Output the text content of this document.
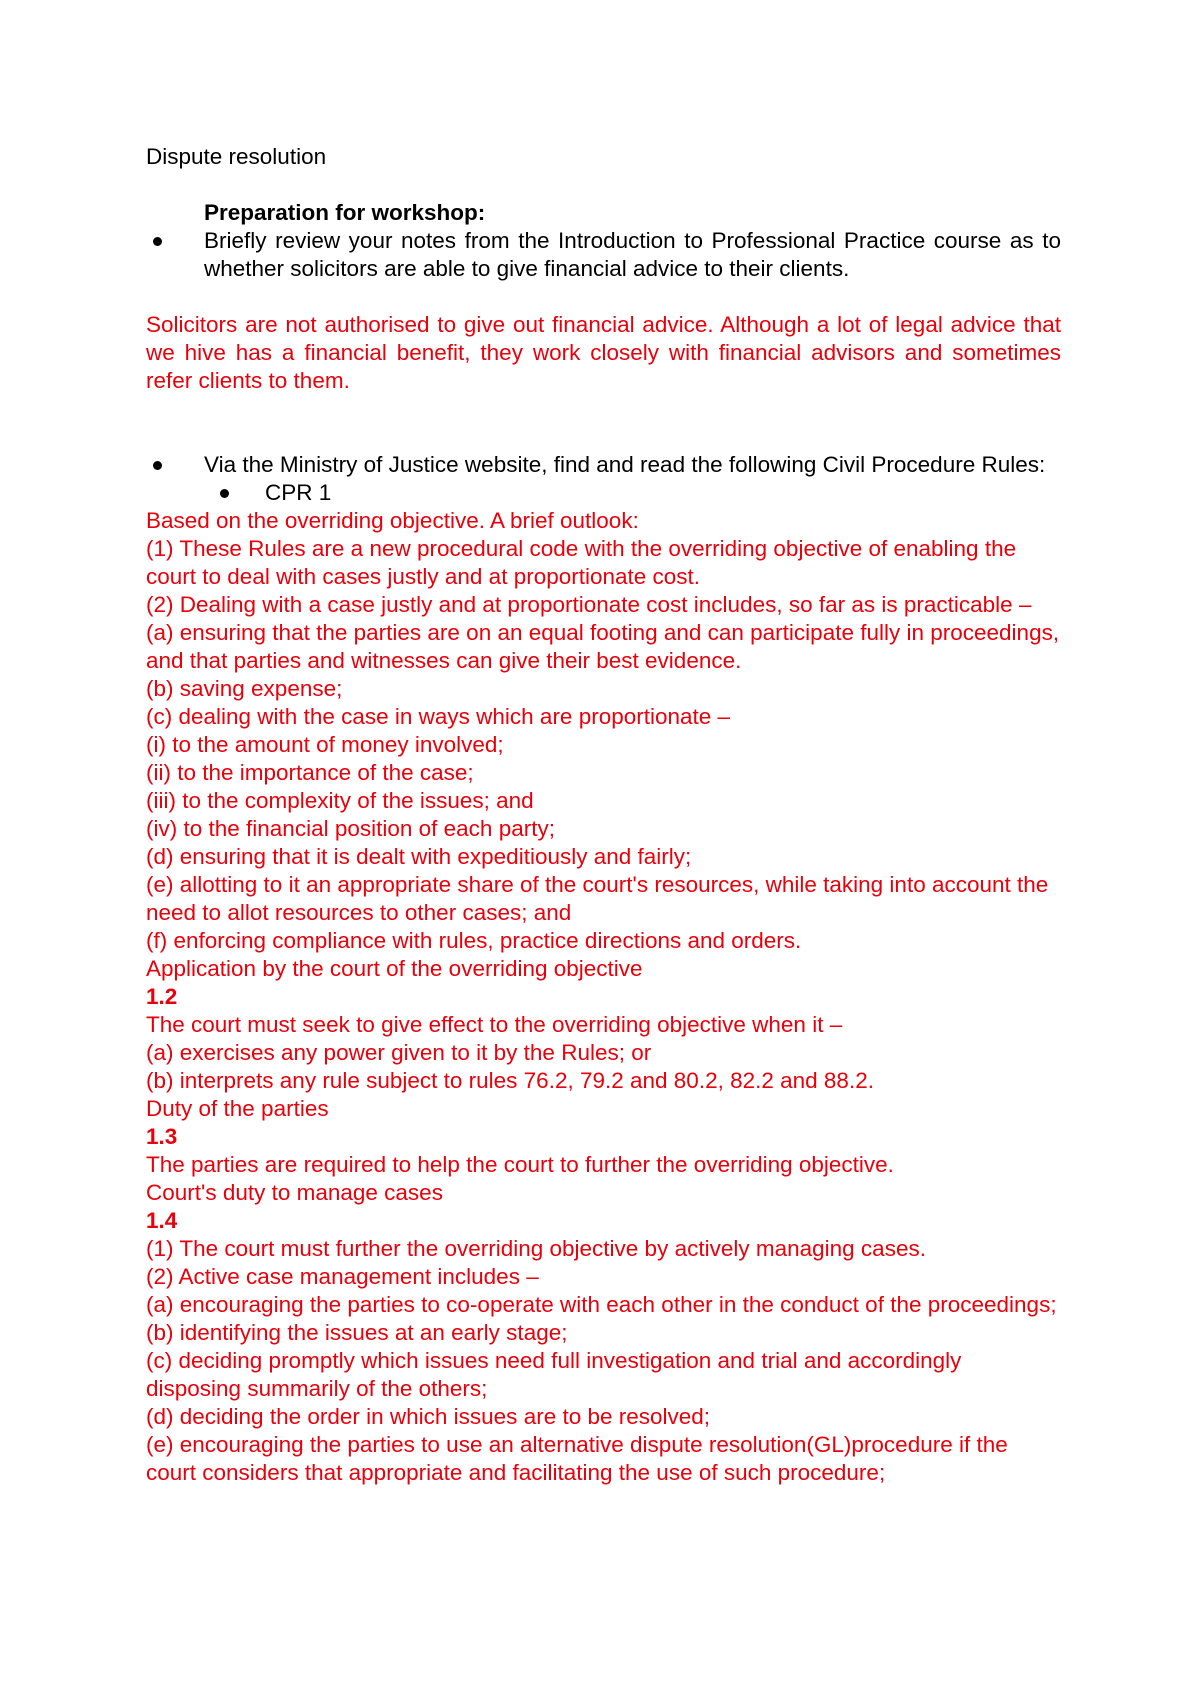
Dispute resolution

Preparation for workshop:

Briefly review your notes from the Introduction to Professional Practice course as to whether solicitors are able to give financial advice to their clients.

Solicitors are not authorised to give out financial advice. Although a lot of legal advice that we hive has a financial benefit, they work closely with financial advisors and sometimes refer clients to them.

Via the Ministry of Justice website, find and read the following Civil Procedure Rules:
CPR 1

Based on the overriding objective. A brief outlook:

(1) These Rules are a new procedural code with the overriding objective of enabling the court to deal with cases justly and at proportionate cost.

(2) Dealing with a case justly and at proportionate cost includes, so far as is practicable –

(a) ensuring that the parties are on an equal footing and can participate fully in proceedings, and that parties and witnesses can give their best evidence.

(b) saving expense;

(c) dealing with the case in ways which are proportionate –

(i) to the amount of money involved;

(ii) to the importance of the case;

(iii) to the complexity of the issues; and

(iv) to the financial position of each party;

(d) ensuring that it is dealt with expeditiously and fairly;

(e) allotting to it an appropriate share of the court's resources, while taking into account the need to allot resources to other cases; and

(f) enforcing compliance with rules, practice directions and orders.

Application by the court of the overriding objective

1.2

The court must seek to give effect to the overriding objective when it –

(a) exercises any power given to it by the Rules; or

(b) interprets any rule subject to rules 76.2, 79.2 and 80.2, 82.2 and 88.2.

Duty of the parties

1.3

The parties are required to help the court to further the overriding objective.

Court's duty to manage cases

1.4

(1) The court must further the overriding objective by actively managing cases.

(2) Active case management includes –

(a) encouraging the parties to co-operate with each other in the conduct of the proceedings;

(b) identifying the issues at an early stage;

(c) deciding promptly which issues need full investigation and trial and accordingly disposing summarily of the others;

(d) deciding the order in which issues are to be resolved;

(e) encouraging the parties to use an alternative dispute resolution(GL)procedure if the court considers that appropriate and facilitating the use of such procedure;
